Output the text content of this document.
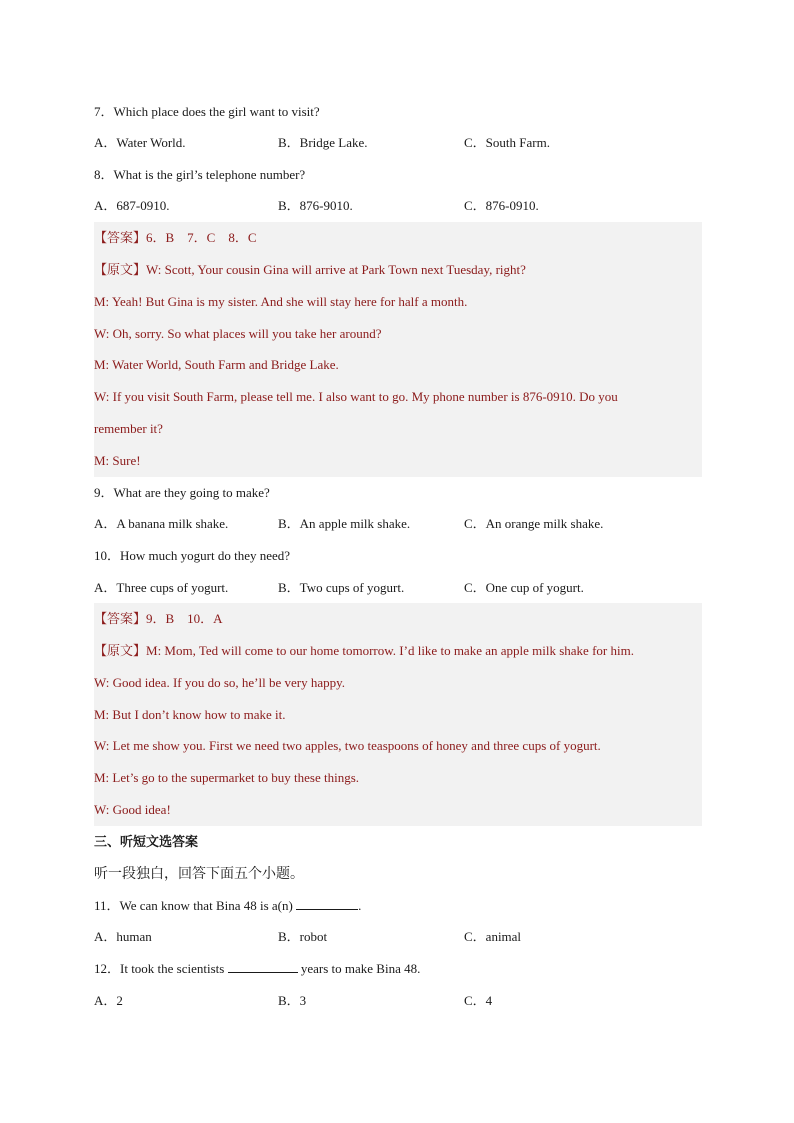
7．Which place does the girl want to visit?
A．Water World.	B．Bridge Lake.	C．South Farm.
8．What is the girl’s telephone number?
A．687-0910.	B．876-9010.	C．876-0910.
【答案】6．B　7．C　8．C
【原文】W: Scott, Your cousin Gina will arrive at Park Town next Tuesday, right?
M: Yeah! But Gina is my sister. And she will stay here for half a month.
W: Oh, sorry. So what places will you take her around?
M: Water World, South Farm and Bridge Lake.
W: If you visit South Farm, please tell me. I also want to go. My phone number is 876-0910. Do you
remember it?
M: Sure!
9．What are they going to make?
A．A banana milk shake.	B．An apple milk shake.	C．An orange milk shake.
10．How much yogurt do they need?
A．Three cups of yogurt.	B．Two cups of yogurt.	C．One cup of yogurt.
【答案】9．B　10．A
【原文】M: Mom, Ted will come to our home tomorrow. I’d like to make an apple milk shake for him.
W: Good idea. If you do so, he’ll be very happy.
M: But I don’t know how to make it.
W: Let me show you. First we need two apples, two teaspoons of honey and three cups of yogurt.
M: Let’s go to the supermarket to buy these things.
W: Good idea!
三、听短文选答案
听一段独白，回答下面五个小题。
11．We can know that Bina 48 is a(n)	.
A．human	B．robot	C．animal
12．It took the scientists	years to make Bina 48.
A．2	B．3	C．4
